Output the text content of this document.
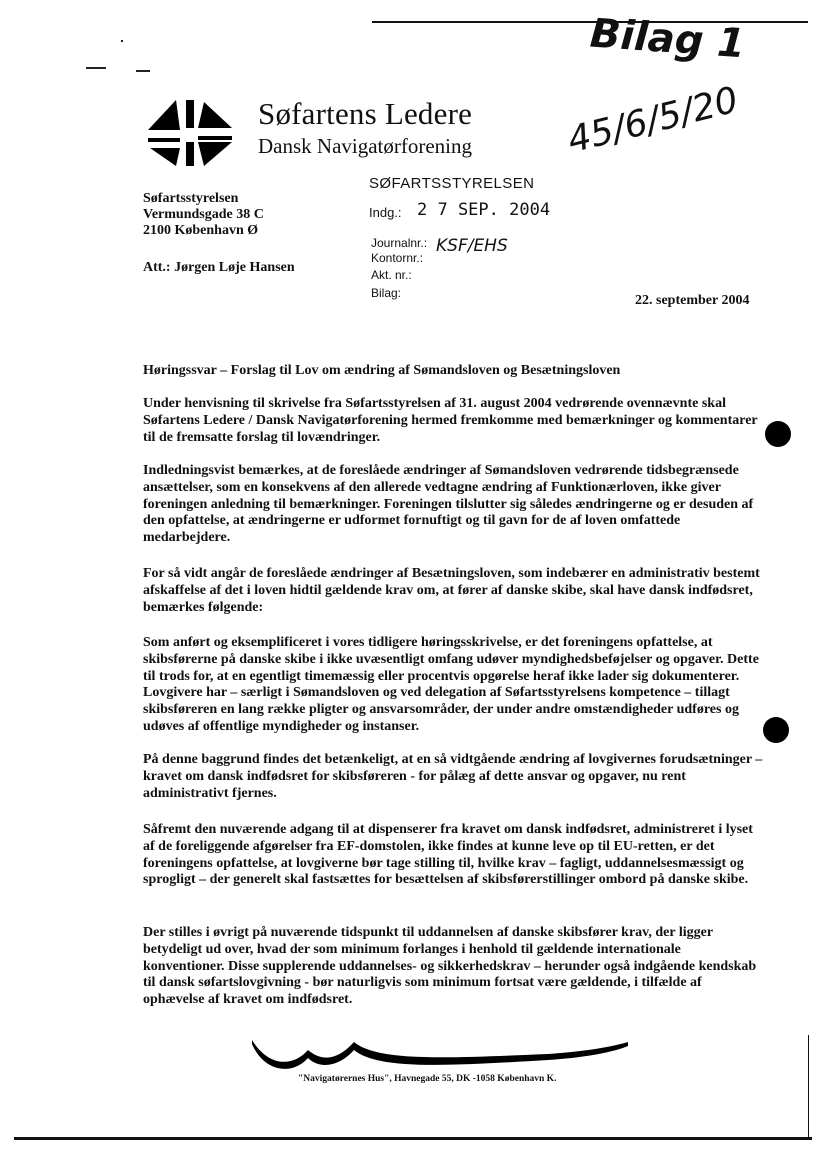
Bilag 1
45/6/5/20
Søfartens Ledere
Dansk Navigatørforening
Søfartsstyrelsen
Vermundsgade 38 C
2100 København Ø
Att.: Jørgen Løje Hansen
SØFARTSSTYRELSEN
Indg.: 2 7 SEP. 2004
Journalnr.: KSF/EHS
Kontornr.:
Akt. nr.:
Bilag:	22. september 2004
Høringssvar – Forslag til Lov om ændring af Sømandsloven og Besætningsloven

Under henvisning til skrivelse fra Søfartsstyrelsen af 31. august 2004 vedrørende ovennævnte skal Søfartens Ledere / Dansk Navigatørforening hermed fremkomme med bemærkninger og kommentarer til de fremsatte forslag til lovændringer.

Indledningsvist bemærkes, at de foreslåede ændringer af Sømandsloven vedrørende tidsbegrænsede ansættelser, som en konsekvens af den allerede vedtagne ændring af Funktionærloven, ikke giver foreningen anledning til bemærkninger. Foreningen tilslutter sig således ændringerne og er desuden af den opfattelse, at ændringerne er udformet fornuftigt og til gavn for de af loven omfattede medarbejdere.

For så vidt angår de foreslåede ændringer af Besætningsloven, som indebærer en administrativ bestemt afskaffelse af det i loven hidtil gældende krav om, at fører af danske skibe, skal have dansk indfødsret, bemærkes følgende:

Som anført og eksemplificeret i vores tidligere høringsskrivelse, er det foreningens opfattelse, at skibsførerne på danske skibe i ikke uvæsentligt omfang udøver myndighedsbeføjelser og opgaver. Dette til trods for, at en egentligt timemæssig eller procentvis opgørelse heraf ikke lader sig dokumenterer. Lovgivere har – særligt i Sømandsloven og ved delegation af Søfartsstyrelsens kompetence – tillagt skibsføreren en lang række pligter og ansvarsområder, der under andre omstændigheder udføres og udøves af offentlige myndigheder og instanser.

På denne baggrund findes det betænkeligt, at en så vidtgående ændring af lovgivernes forudsætninger – kravet om dansk indfødsret for skibsføreren - for pålæg af dette ansvar og opgaver, nu rent administrativt fjernes.

Såfremt den nuværende adgang til at dispenserer fra kravet om dansk indfødsret, administreret i lyset af de foreliggende afgørelser fra EF-domstolen, ikke findes at kunne leve op til EU-retten, er det foreningens opfattelse, at lovgiverne bør tage stilling til, hvilke krav – fagligt, uddannelsesmæssigt og sprogligt – der generelt skal fastsættes for besættelsen af skibsførerstillinger ombord på danske skibe.

Der stilles i øvrigt på nuværende tidspunkt til uddannelsen af danske skibsfører krav, der ligger betydeligt ud over, hvad der som minimum forlanges i henhold til gældende internationale konventioner. Disse supplerende uddannelses- og sikkerhedskrav – herunder også indgående kendskab til dansk søfartslovgivning - bør naturligvis som minimum fortsat være gældende, i tilfælde af ophævelse af kravet om indfødsret.

"Navigatørernes Hus", Havnegade 55, DK -1058 København K.
